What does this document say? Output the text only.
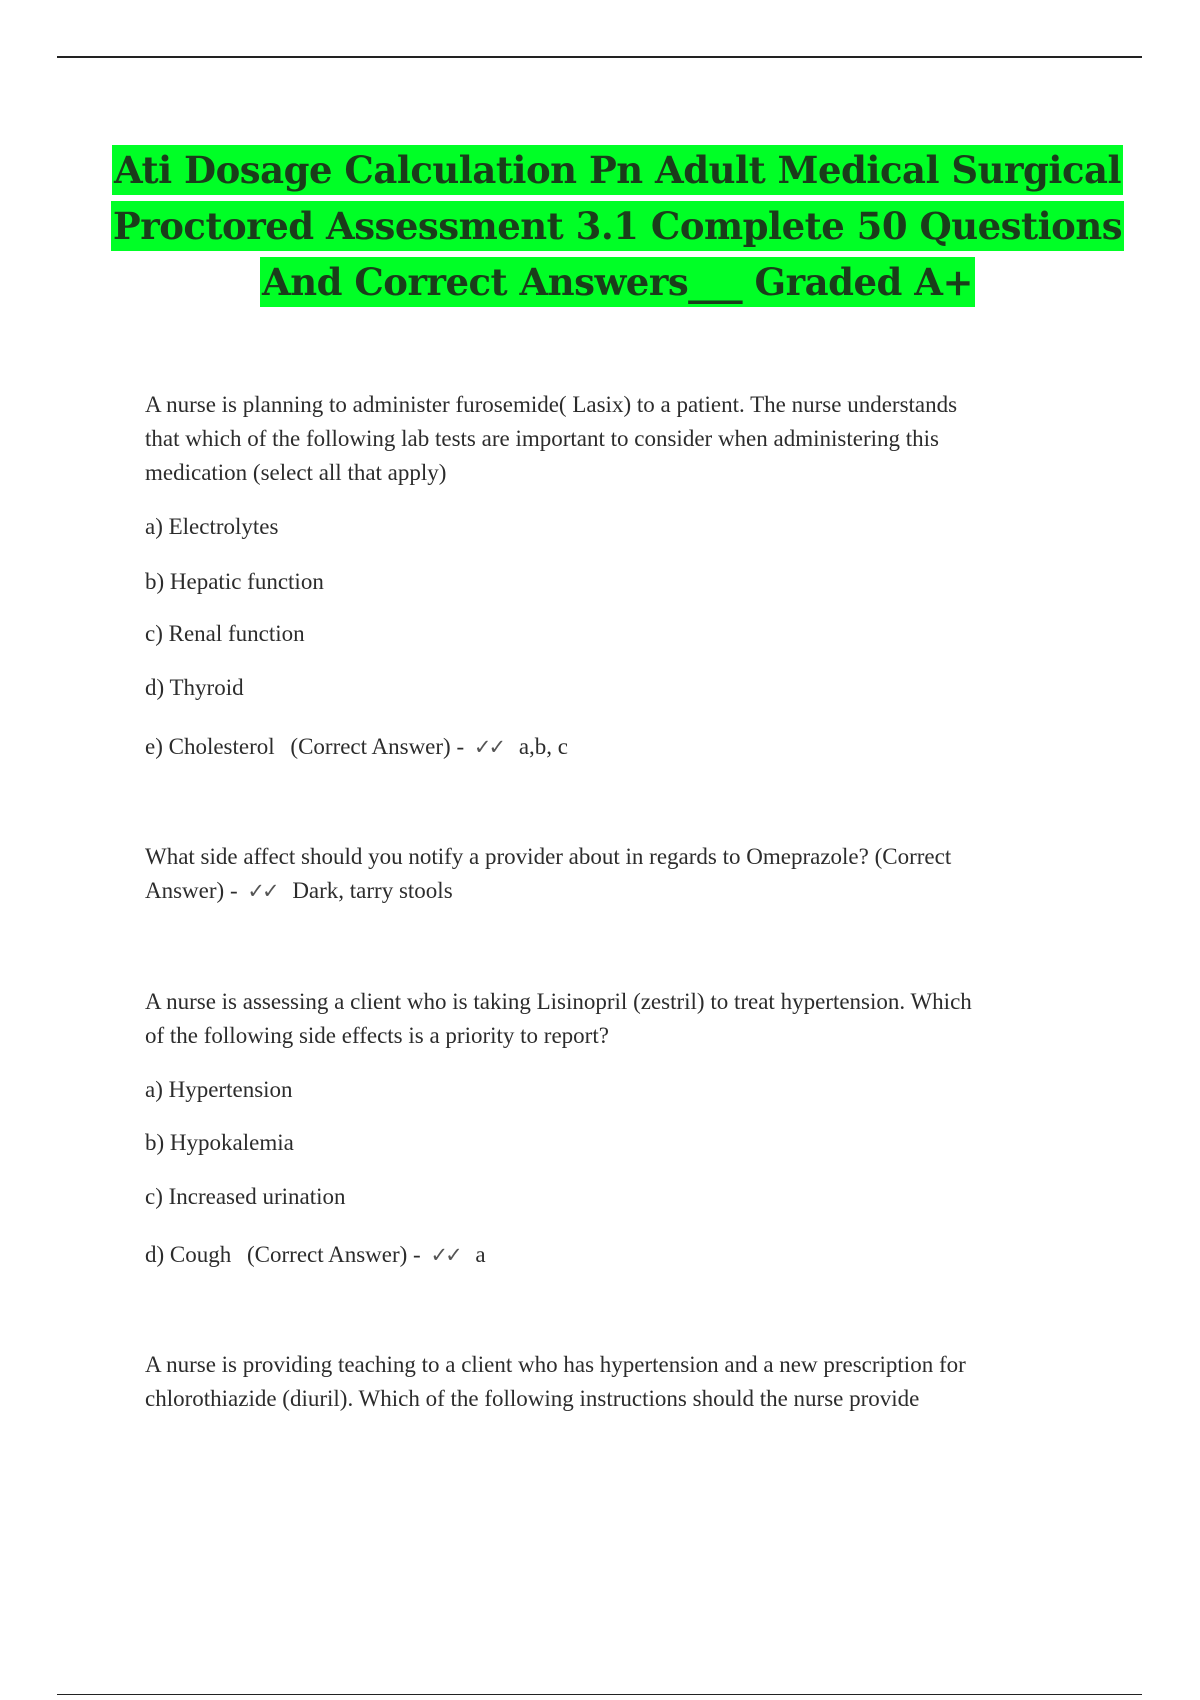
Ati Dosage Calculation Pn Adult Medical Surgical
Proctored Assessment 3.1 Complete 50 Questions
And Correct Answers___ Graded A+
A nurse is planning to administer furosemide( Lasix) to a patient. The nurse understands
that which of the following lab tests are important to consider when administering this
medication (select all that apply)
a) Electrolytes
b) Hepatic function
c) Renal function
d) Thyroid
e) Cholesterol (Correct Answer) - ✓✓ a,b, c
What side affect should you notify a provider about in regards to Omeprazole? (Correct
Answer) - ✓✓ Dark, tarry stools
A nurse is assessing a client who is taking Lisinopril (zestril) to treat hypertension. Which
of the following side effects is a priority to report?
a) Hypertension
b) Hypokalemia
c) Increased urination
d) Cough (Correct Answer) - ✓✓ a
A nurse is providing teaching to a client who has hypertension and a new prescription for
chlorothiazide (diuril). Which of the following instructions should the nurse provide
